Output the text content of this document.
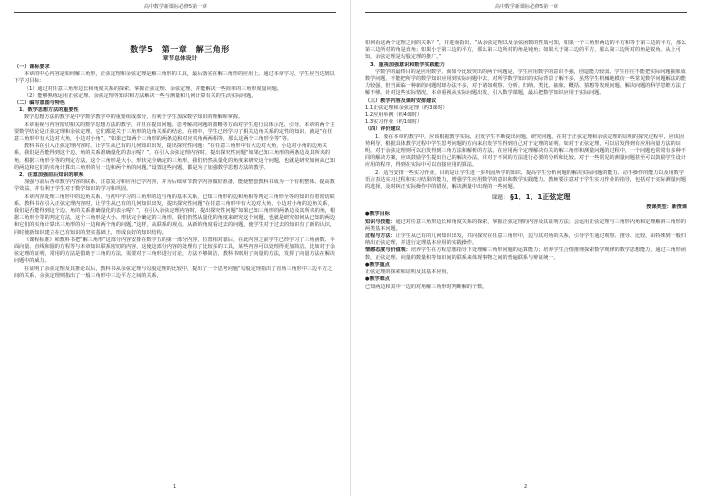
高中数学新课标必修5第一章

数学5　第一章　解三角形

章节总体设计

（一）课标要求

本章的中心内容是如何解三角形，正弦定理和余弦定理是解三角形的工具，最后落实在解三角形的应用上。通过本章学习，学生应当达到以下学习目标：

（1）通过对任意三角形边长和角度关系的探索，掌握正弦定理、余弦定理，并能解决一些简单的三角形度量问题。

（2）能够熟练运用正弦定理、余弦定理等知识和方法解决一些与测量和几何计算有关的生活实际问题。

（二）编写意图与特色

1．数学思想方法的重要性

数学思想方法的教学是中学数学教学中的重要组成部分，有利于学生加深数学知识的理解和掌握。

本章重视与内容密切相关的数学思想方法的教学，并且在提出问题、思考解决问题的策略等方面对学生进行具体示范、引导。本章的两个主要数学结论是正弦定理和余弦定理，它们都是关于三角形的边角关系的结论。在初中，学生已经学习了相关边角关系的定性的知识，就是“在任意三角形中有大边对大角，小边对小角”，“如果已知两个三角形的两条边和对应夹角两两相等，那么这两个三角形全等”等。

教科书在引入正弦定理内容时，让学生从已有的几何知识出发，提出探究性问题：“在任意三角形中有大边对大角，小边对小角的边角关系，我们是否能得到这个边、角的关系准确量化的表示呢？”，在引入余弦定理内容时，提出探究性问题“如果已知三角形的两条边及其所夹的角，根据三角形全等的判定方法，这个三角形是大小、形状完全确定的三角形，我们仍然从量化的角度来研究这个问题，也就是研究如何从已知的两边和它们的夹角计算出三角形的另一边和两个角的问题。”设置这些问题，都是为了加强数学思想方法的教学。

2．注意加强前后知识的联系

加强与前后各章教学内容的联系，注意复习和应用已学内容，并为后续章节教学内容做好准备，能使整套教科书成为一个有机整体，提高教学效益，并有利于学生对于数学知识的学习和巩固。

本章内容处理三角形中的边角关系，与初中学习的三角形的边与角的基本关系，已知三角形的边和角相等判定三角形全等的知识有着密切联系。教科书在引入正弦定理内容时，让学生从已有的几何知识出发，提出探究性问题“在任意三角形中有大边对大角，小边对小角的边角关系，我们是否能得到这个边、角的关系准确量化的表示呢？”，在引入余弦定理内容时，提出探究性问题“如果已知三角形的两条边及其所夹的角，根据三角形全等的判定方法，这个三角形是大小、形状完全确定的三角形，我们仍然从量化的角度来研究这个问题，也就是研究如何从已知的两边和它们的夹角计算出三角形的另一边和两个角的问题。”这样，从联系的观点，从新的角度看过去的问题，使学生对于过去的知识有了新的认识，同时使新知识建立在已有知识的坚实基础上，形成良好的知识结构。

《课程标准》和教科书把“解三角形”这部分内容安排在数学五的第一部分内容，位置相对靠后，在此内容之前学生已经学习了三角函数、平面向量、直线和圆的方程等与本章知识联系密切的内容，这使这部分内容的处理有了比较多的工具，某些内容可以处理得更加简洁。比如对于余弦定理的证明，常用的方法是借助于三角的方法，需要对于三角形进行讨论，方法不够简洁，教科书则用了向量的方法，发挥了向量方法在解决问题中的威力。

在证明了余弦定理及其推论以后，教科书从余弦定理与勾股定理的比较中，提出了一个思考问题“勾股定理指出了直角三角形中三边平方之间的关系，余弦定理则指出了一般三角形中三边平方之间的关系，

1
高中数学新课标必修5第一章

如何看这两个定理之间的关系？”，并进而指出，“从余弦定理以及余弦函数的性质可知，如果一个三角形两边的平方和等于第三边的平方，那么第三边所对的角是直角；如果小于第三边的平方，那么第三边所对的角是钝角；如果大于第三边的平方，那么第三边所对的角是锐角。从上可知，余弦定理是勾股定理的推广。”

3．重视加强意识和数学实践能力

学数学的最终目的是应用数学，而如今比较突出的两个问题是，学生应用数学的意识不强，创造能力较弱。学生往往不能把实际问题抽象成数学问题，不能把所学的数学知识应用到实际问题中去，对所学数学知识的实际背景了解不多，虽然学生机械地模仿一些常见数学问题解法的能力较强，但当面临一种新的问题时却办法不多，对于诸如观察、分析、归纳、类比、抽象、概括、猜想等发现问题、解决问题的科学思维方法了解不够。针对这些实际情况，本章重视从实际问题出发，引入数学课题，最后把数学知识应用于实际问题。

（三）教学内容及课时安排建议

1.1正弦定理和余弦定理（约3课时）

1.2应用举例（约4课时）

1.3实习作业（约1课时）

（四）评价建议

1．要在本章的教学中，应该根据教学实际，启发学生不断提出问题，研究问题。在对于正弦定理和余弦定理的证明的探究过程中，应该因势利导，根据具体教学过程中学生思考问题的方向来启发学生得到自己对于定理的证明。如对于正弦定理，可以启发得到有应用向量方法的证明，对于余弦定理则可以启发得到三角方法和解析的方法。在应用两个定理解决有关的解三角形和测量问题的过程中，一个问题也常常有多种不同的解决方案，应该鼓励学生提出自己的解决办法，并对于不同的方法进行必要的分析和比较。对于一些常见的测量问题甚至可以鼓励学生设计应用的程序，得到在实际中可以直接应用的算法。

2．适当安排一些实习作业，目的是让学生进一步巩固所学的知识，提高学生分析问题的解决实际问题的能力、动手操作的能力以及用数学语言表达实习过程和实习结果的能力，增强学生应用数学的意识和数学实践能力。教师要注意对于学生实习作业的指导，包括对于实际测量问题的选择，及时纠正实际操作中的错误，解决测量中出现的一些问题。

课题： §1．1．1正弦定理

授课类型：新授课

●教学目标

知识与技能：通过对任意三角形边长和角度关系的探索，掌握正弦定理的内容及其证明方法；会运用正弦定理与三角形内角和定理解斜三角形的两类基本问题。

过程与方法：让学生从已有的几何知识出发，共同探究在任意三角形中，边与其对角的关系，引导学生通过观察、推导、比较，由特殊到一般归纳出正弦定理，并进行定理基本应用的实践操作。

情感态度与价值观：培养学生在方程思想指导下处理解三角形问题的运算能力；培养学生合情推理探索数学规律的数学思想能力，通过三角形函数、正弦定理、向量的数量积等知识间的联系来体现事物之间的普遍联系与辩证统一。

●教学重点

正弦定理的探索和证明及其基本应用。

●教学难点

已知两边和其中一边的对角解三角形时判断解的个数。

2
